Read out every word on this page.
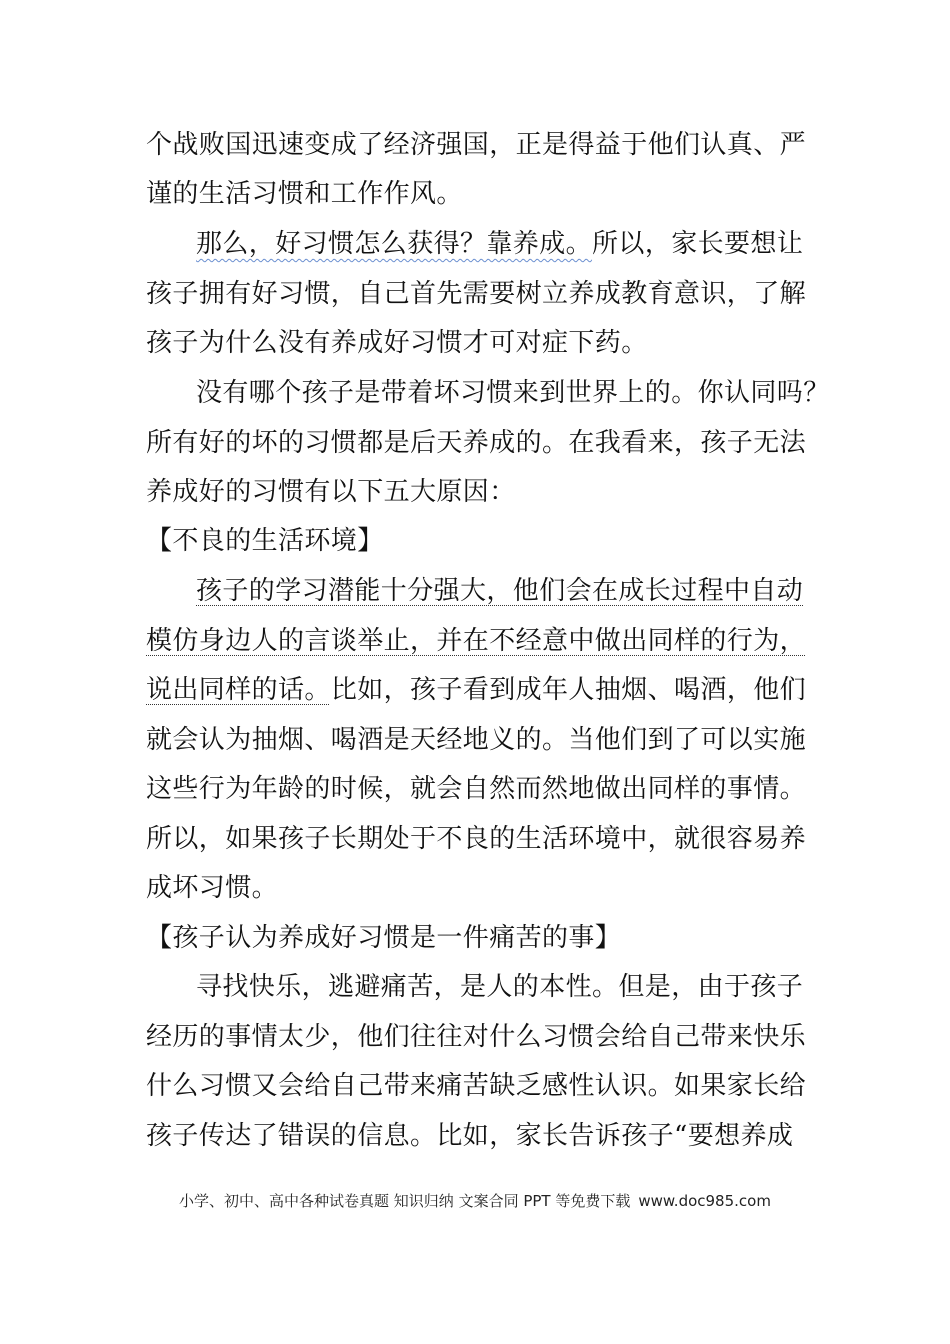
个战败国迅速变成了经济强国，正是得益于他们认真、严
谨的生活习惯和工作作风。
那么，好习惯怎么获得？靠养成。所以，家长要想让
孩子拥有好习惯，自己首先需要树立养成教育意识，了解
孩子为什么没有养成好习惯才可对症下药。
没有哪个孩子是带着坏习惯来到世界上的。你认同吗？
所有好的坏的习惯都是后天养成的。在我看来，孩子无法
养成好的习惯有以下五大原因：
【不良的生活环境】
孩子的学习潜能十分强大，他们会在成长过程中自动
模仿身边人的言谈举止，并在不经意中做出同样的行为，
说出同样的话。比如，孩子看到成年人抽烟、喝酒，他们
就会认为抽烟、喝酒是天经地义的。当他们到了可以实施
这些行为年龄的时候，就会自然而然地做出同样的事情。
所以，如果孩子长期处于不良的生活环境中，就很容易养
成坏习惯。
【孩子认为养成好习惯是一件痛苦的事】
寻找快乐，逃避痛苦，是人的本性。但是，由于孩子
经历的事情太少，他们往往对什么习惯会给自己带来快乐
什么习惯又会给自己带来痛苦缺乏感性认识。如果家长给
孩子传达了错误的信息。比如，家长告诉孩子“要想养成
小学、初中、高中各种试卷真题 知识归纳 文案合同 PPT 等免费下载 www.doc985.com
